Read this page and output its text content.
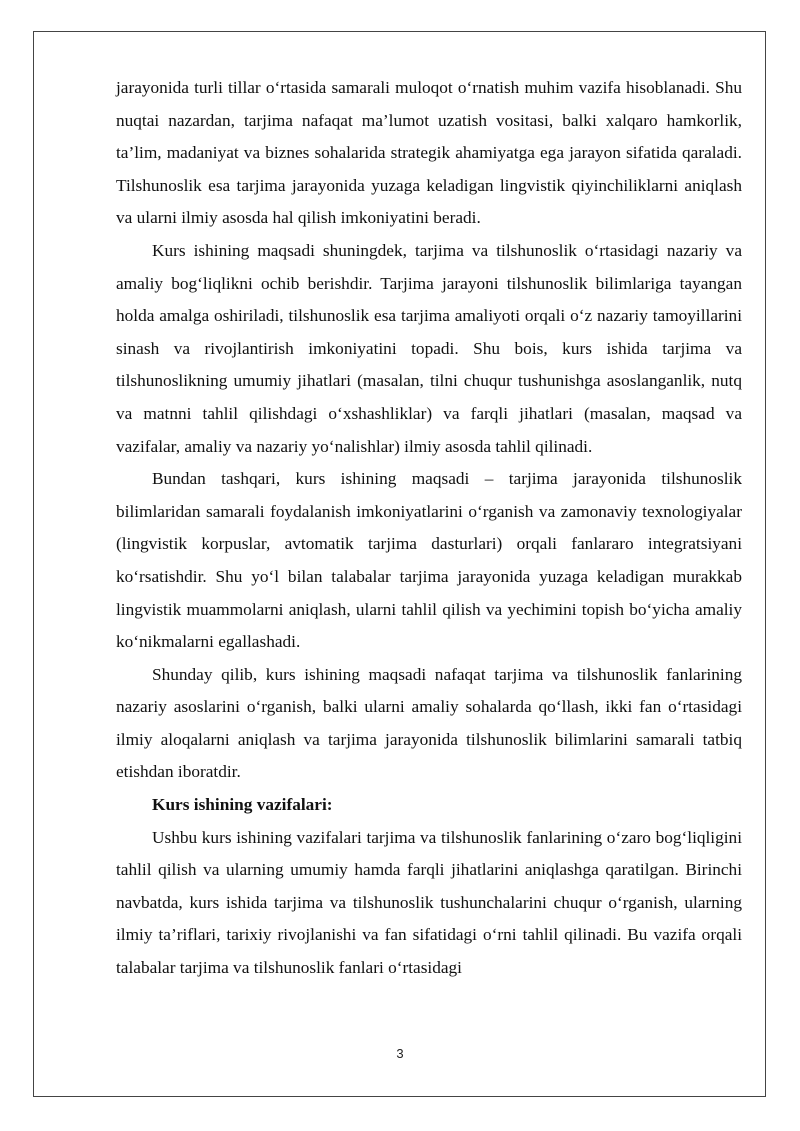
jarayonida turli tillar o‘rtasida samarali muloqot o‘rnatish muhim vazifa hisoblanadi. Shu nuqtai nazardan, tarjima nafaqat ma’lumot uzatish vositasi, balki xalqaro hamkorlik, ta’lim, madaniyat va biznes sohalarida strategik ahamiyatga ega jarayon sifatida qaraladi. Tilshunoslik esa tarjima jarayonida yuzaga keladigan lingvistik qiyinchiliklarni aniqlash va ularni ilmiy asosda hal qilish imkoniyatini beradi.

Kurs ishining maqsadi shuningdek, tarjima va tilshunoslik o‘rtasidagi nazariy va amaliy bog‘liqlikni ochib berishdir. Tarjima jarayoni tilshunoslik bilimlariga tayangan holda amalga oshiriladi, tilshunoslik esa tarjima amaliyoti orqali o‘z nazariy tamoyillarini sinash va rivojlantirish imkoniyatini topadi. Shu bois, kurs ishida tarjima va tilshunoslikning umumiy jihatlari (masalan, tilni chuqur tushunishga asoslanganlik, nutq va matnni tahlil qilishdagi o‘xshashliklar) va farqli jihatlari (masalan, maqsad va vazifalar, amaliy va nazariy yo‘nalishlar) ilmiy asosda tahlil qilinadi.

Bundan tashqari, kurs ishining maqsadi – tarjima jarayonida tilshunoslik bilimlaridan samarali foydalanish imkoniyatlarini o‘rganish va zamonaviy texnologiyalar (lingvistik korpuslar, avtomatik tarjima dasturlari) orqali fanlararo integratsiyani ko‘rsatishdir. Shu yo‘l bilan talabalar tarjima jarayonida yuzaga keladigan murakkab lingvistik muammolarni aniqlash, ularni tahlil qilish va yechimini topish bo‘yicha amaliy ko‘nikmalarni egallashadi.

Shunday qilib, kurs ishining maqsadi nafaqat tarjima va tilshunoslik fanlarining nazariy asoslarini o‘rganish, balki ularni amaliy sohalarda qo‘llash, ikki fan o‘rtasidagi ilmiy aloqalarni aniqlash va tarjima jarayonida tilshunoslik bilimlarini samarali tatbiq etishdan iboratdir.

Kurs ishining vazifalari:

Ushbu kurs ishining vazifalari tarjima va tilshunoslik fanlarining o‘zaro bog‘liqligini tahlil qilish va ularning umumiy hamda farqli jihatlarini aniqlashga qaratilgan. Birinchi navbatda, kurs ishida tarjima va tilshunoslik tushunchalarini chuqur o‘rganish, ularning ilmiy ta’riflari, tarixiy rivojlanishi va fan sifatidagi o‘rni tahlil qilinadi. Bu vazifa orqali talabalar tarjima va tilshunoslik fanlari o‘rtasidagi

3
